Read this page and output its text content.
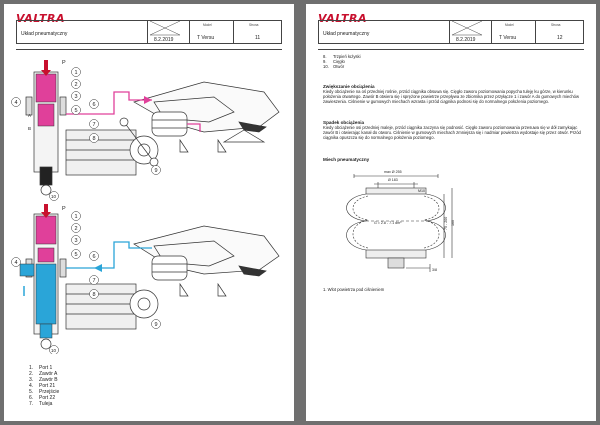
VALTRA
Układ pneumatyczny
8.2.2019
Model
T Versu
Strona
11
P
1
2
3
4
5
6
7
8
9
10
A
B
P
1
2
3
4
5	6
7
8
9
10
1. Port 1
2. Zawór A
3. Zawór B
4. Port 21
5. Przejście
6. Port 22
7. Tuleja
VALTRA
Układ pneumatyczny
8.2.2019
Model
T Versu
Strona
12
8. Trzpień łożyski
9. Cięgło
10. Otwór
Zwiększanie obciążenia
Kiedy obciążenie na oś przedniej rośnie, przód ciągnika obsuwa się. Cięgło zaworu poziomowania popycha tuleję ku górze, w kierunku położenia otwartego. Zawór B otwiera się i sprężone powietrze przepływa ze zbiornika przez przyłącze 1 i zawór A do gumowych miechów zawieszenia. Ciśnienie w gumowych miechach wzrasta i przód ciągnika podnosi się do normalnego położenia poziomego.
Spadek obciążenia
Kiedy obciążenie osi przedniej maleje, przód ciągnika zaczyna się podnosić. Cięgło zaworu poziomowania przesuwa się w dół zamykając zawór B i otwierając kanał do otworu. Ciśnienie w gumowych miechach zmniejsza się i nadmiar powietrza wydostaje się przez otwór. Przód ciągnika opuszcza się do normalnego położenia poziomego.
Miech pneumatyczny
max Ø 255
Ø 183
G = 2.8 - 7.1 dm³	160
75 - 200
M10
3/8
1. Wlot powietrza pod ciśnieniem
